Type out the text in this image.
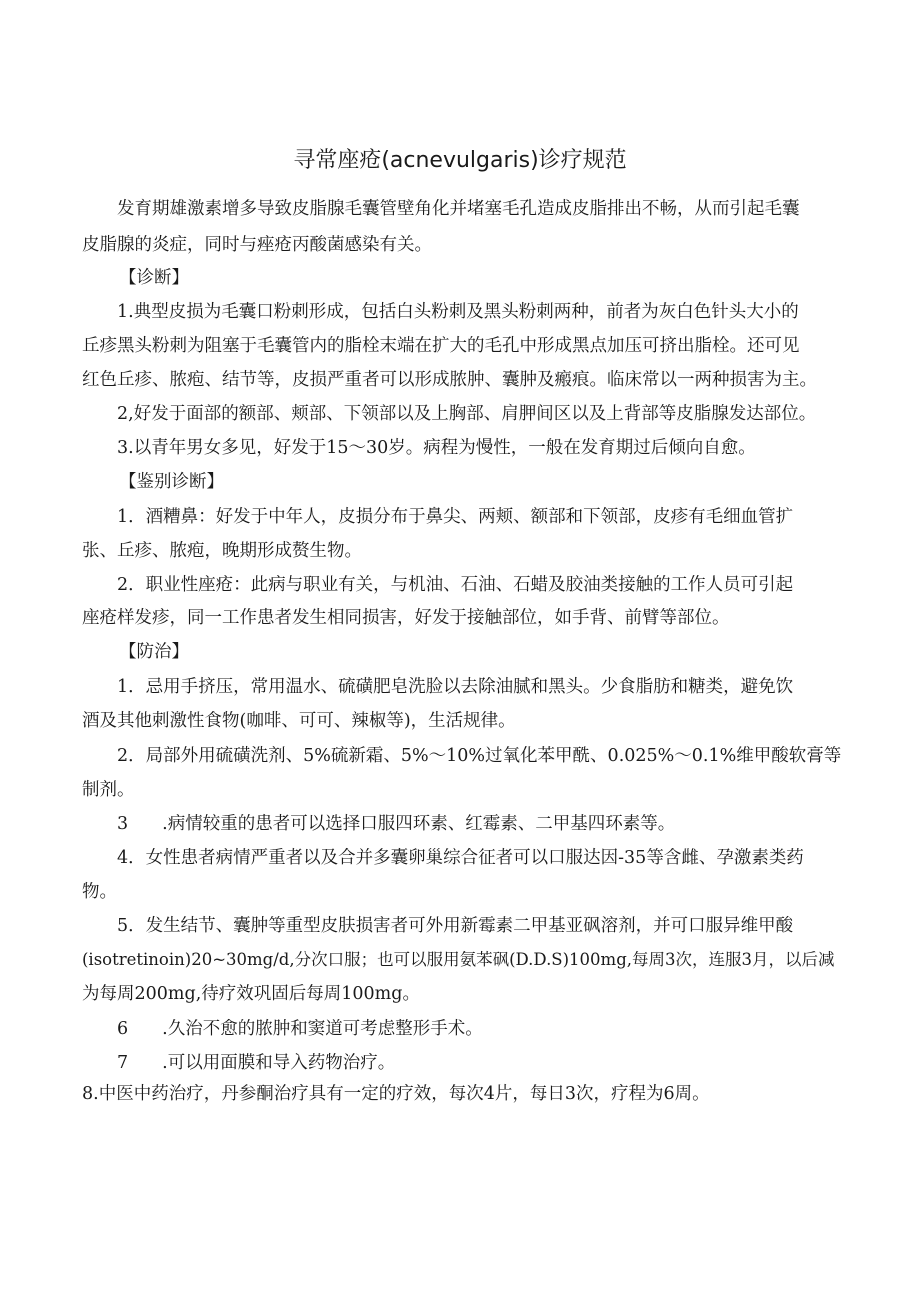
寻常座疮(acnevulgaris)诊疗规范
发育期雄激素增多导致皮脂腺毛囊管壁角化并堵塞毛孔造成皮脂排出不畅，从而引起毛囊
皮脂腺的炎症，同时与痤疮丙酸菌感染有关。
【诊断】
1.典型皮损为毛囊口粉刺形成，包括白头粉刺及黑头粉刺两种，前者为灰白色针头大小的
丘疹黑头粉刺为阻塞于毛囊管内的脂栓末端在扩大的毛孔中形成黑点加压可挤出脂栓。还可见
红色丘疹、脓疱、结节等，皮损严重者可以形成脓肿、囊肿及瘢痕。临床常以一两种损害为主。
2,好发于面部的额部、颊部、下领部以及上胸部、肩胛间区以及上背部等皮脂腺发达部位。
3.以青年男女多见，好发于15～30岁。病程为慢性，一般在发育期过后倾向自愈。
【鉴别诊断】
1．酒糟鼻：好发于中年人，皮损分布于鼻尖、两颊、额部和下领部，皮疹有毛细血管扩
张、丘疹、脓疱，晚期形成赘生物。
2．职业性座疮：此病与职业有关，与机油、石油、石蜡及胶油类接触的工作人员可引起
座疮样发疹，同一工作患者发生相同损害，好发于接触部位，如手背、前臂等部位。
【防治】
1．忌用手挤压，常用温水、硫磺肥皂洗脸以去除油腻和黑头。少食脂肪和糖类，避免饮
酒及其他刺激性食物(咖啡、可可、辣椒等)，生活规律。
2．局部外用硫磺洗剂、5%硫新霜、5%～10%过氧化苯甲酰、0.025%～0.1%维甲酸软膏等
制剂。
3 .病情较重的患者可以选择口服四环素、红霉素、二甲基四环素等。
4．女性患者病情严重者以及合并多囊卵巢综合征者可以口服达因-35等含雌、孕激素类药
物。
5．发生结节、囊肿等重型皮肤损害者可外用新霉素二甲基亚砜溶剂，并可口服异维甲酸
(isotretinoin)20~30mg/d,分次口服；也可以服用氨苯砜(D.D.S)100mg,每周3次，连服3月，以后减
为每周200mg,待疗效巩固后每周100mg。
6 .久治不愈的脓肿和窦道可考虑整形手术。
7 .可以用面膜和导入药物治疗。
8.中医中药治疗，丹参酮治疗具有一定的疗效，每次4片，每日3次，疗程为6周。
